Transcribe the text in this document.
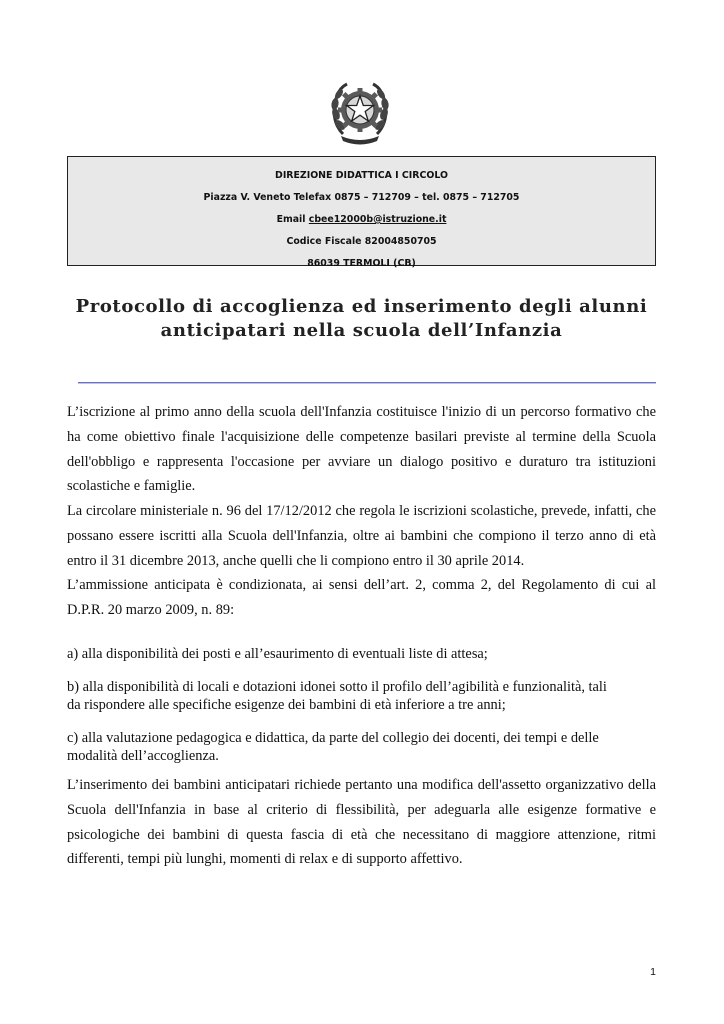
DIREZIONE DIDATTICA I CIRCOLO
Piazza V. Veneto Telefax 0875 – 712709 – tel. 0875 – 712705
Email cbee12000b@istruzione.it
Codice Fiscale 82004850705
86039 TERMOLI (CB)
Protocollo di accoglienza ed inserimento degli alunni
anticipatari nella scuola dell’Infanzia
L’iscrizione al primo anno della scuola dell'Infanzia costituisce l'inizio di un percorso formativo che ha come obiettivo finale l'acquisizione delle competenze basilari previste al termine della Scuola dell'obbligo e rappresenta l'occasione per avviare un dialogo positivo e duraturo tra istituzioni scolastiche e famiglie.
La circolare ministeriale n. 96 del 17/12/2012 che regola le iscrizioni scolastiche, prevede, infatti, che possano essere iscritti alla Scuola dell'Infanzia, oltre ai bambini che compiono il terzo anno di età entro il 31 dicembre 2013, anche quelli che li compiono entro il 30 aprile 2014.
L’ammissione anticipata è condizionata, ai sensi dell’art. 2, comma 2, del Regolamento di cui al D.P.R. 20 marzo 2009, n. 89:
a) alla disponibilità dei posti e all’esaurimento di eventuali liste di attesa;
b) alla disponibilità di locali e dotazioni idonei sotto il profilo dell’agibilità e funzionalità, tali
da rispondere alle specifiche esigenze dei bambini di età inferiore a tre anni;
c) alla valutazione pedagogica e didattica, da parte del collegio dei docenti, dei tempi e delle
modalità dell’accoglienza.
L’inserimento dei bambini anticipatari richiede pertanto una modifica dell'assetto organizzativo della Scuola dell'Infanzia in base al criterio di flessibilità, per adeguarla alle esigenze formative e psicologiche dei bambini di questa fascia di età che necessitano di maggiore attenzione, ritmi differenti, tempi più lunghi, momenti di relax e di supporto affettivo.
1
